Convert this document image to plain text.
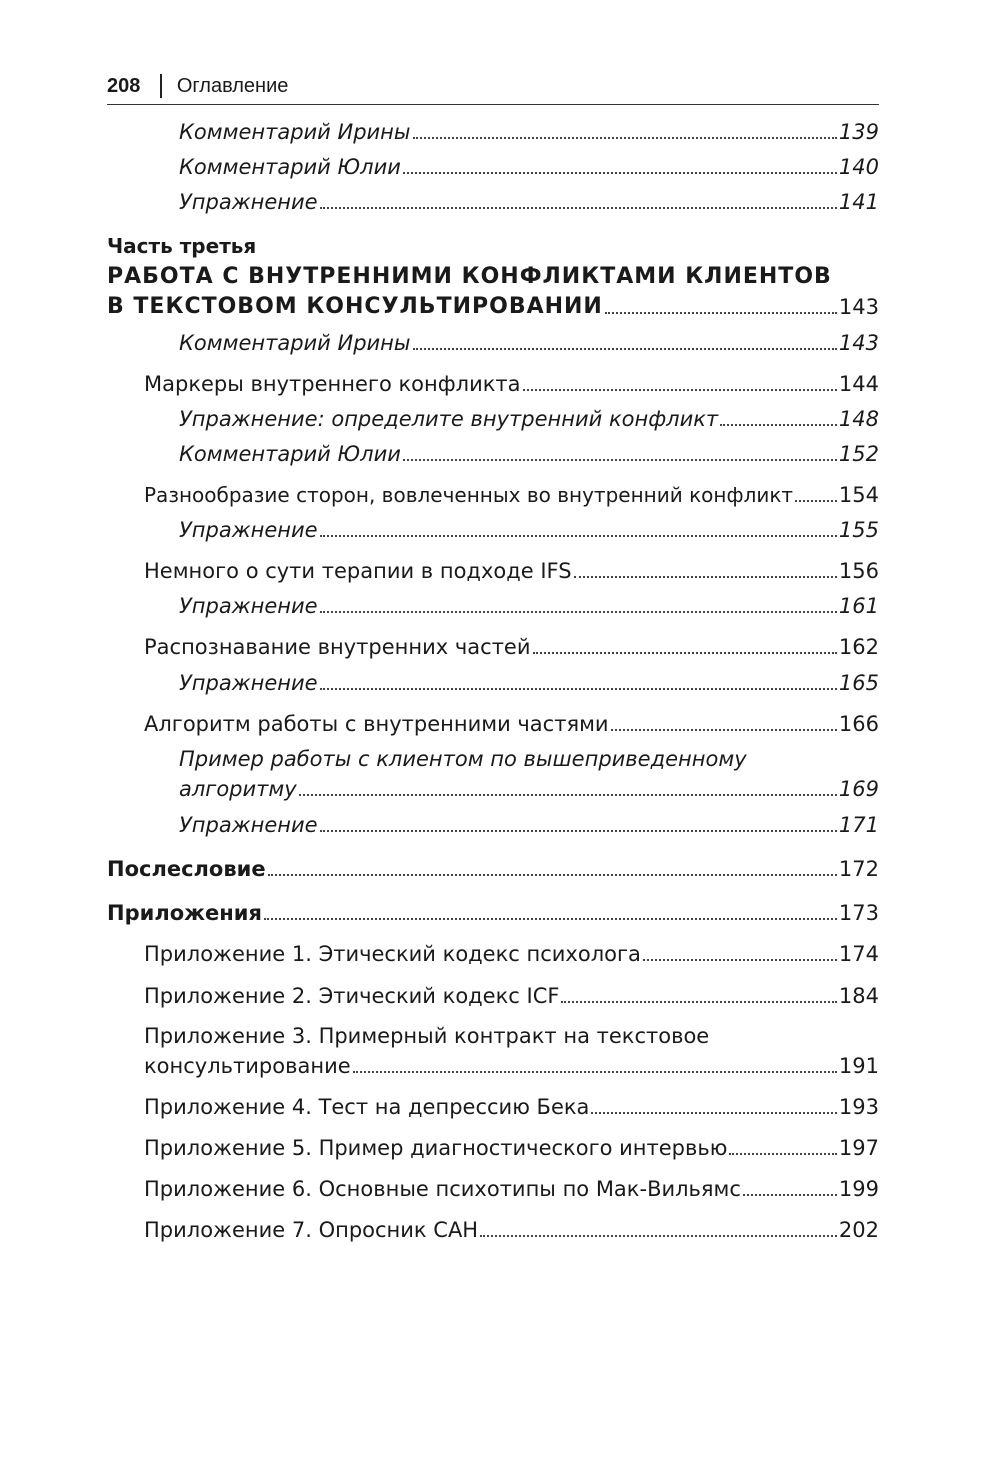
208 Оглавление
Комментарий Ирины	139
Комментарий Юлии	140
Упражнение	141
Часть третья
РАБОТА С ВНУТРЕННИМИ КОНФЛИКТАМИ КЛИЕНТОВ
В ТЕКСТОВОМ КОНСУЛЬТИРОВАНИИ	143
Комментарий Ирины	143
Маркеры внутреннего конфликта	144
Упражнение: определите внутренний конфликт	148
Комментарий Юлии	152
Разнообразие сторон, вовлеченных во внутренний конфликт 154
Упражнение	155
Немного о сути терапии в подходе IFS	156
Упражнение	161
Распознавание внутренних частей	162
Упражнение	165
Алгоритм работы с внутренними частями	166
Пример работы с клиентом по вышеприведенному
алгоритму	169
Упражнение	171
Послесловие	172
Приложения	173
Приложение 1. Этический кодекс психолога	174
Приложение 2. Этический кодекс ICF	184
Приложение 3. Примерный контракт на текстовое
консультирование	191
Приложение 4. Тест на депрессию Бека	193
Приложение 5. Пример диагностического интервью	197
Приложение 6. Основные психотипы по Мак-Вильямс	199
Приложение 7. Опросник САН	202
